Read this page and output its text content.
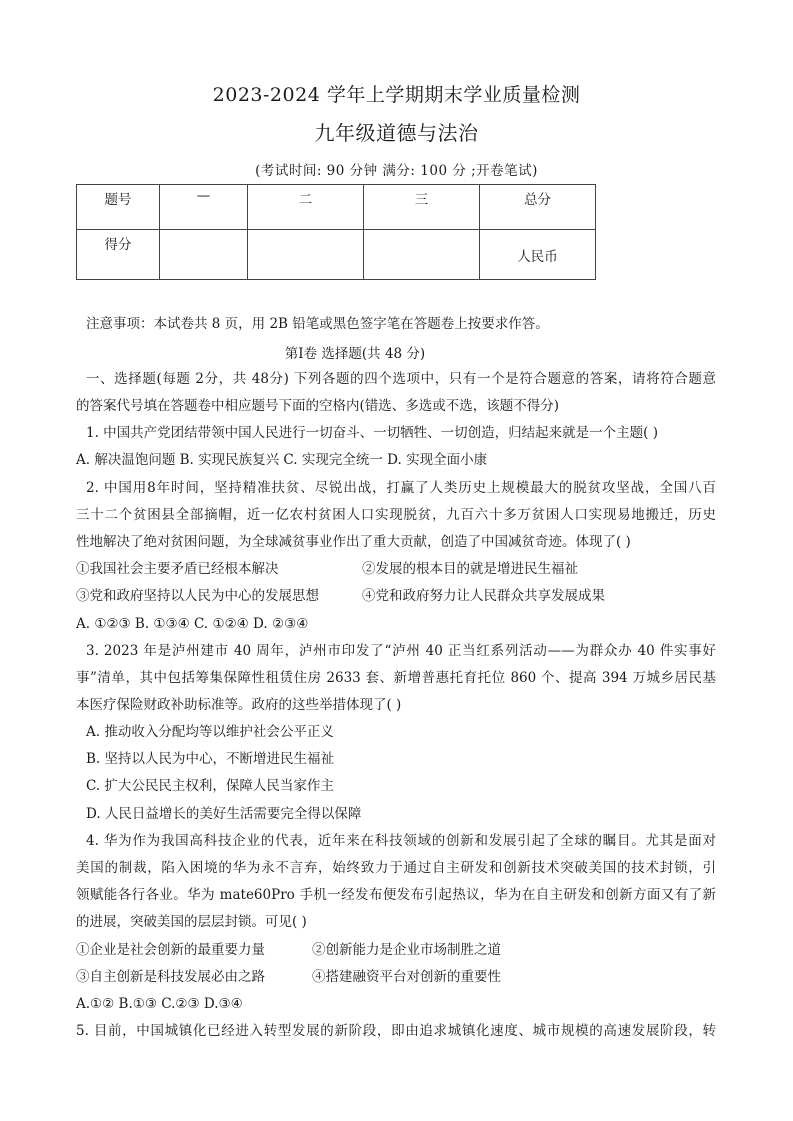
2023-2024 学年上学期期末学业质量检测
九年级道德与法治
(考试时间: 90 分钟 满分: 100 分 ;开卷笔试)
题号	—	二	三	总分
得分				人民币
注意事项：本试卷共 8 页，用 2B 铅笔或黑色签字笔在答题卷上按要求作答。
第Ⅰ卷 选择题(共 48 分)
一、选择题(每题 2分，共 48分) 下列各题的四个选项中，只有一个是符合题意的答案，请将符合题意
的答案代号填在答题卷中相应题号下面的空格内(错选、多选或不选，该题不得分)
1. 中国共产党团结带领中国人民进行一切奋斗、一切牺牲、一切创造，归结起来就是一个主题( )
A. 解决温饱问题 B. 实现民族复兴 C. 实现完全统一 D. 实现全面小康
2. 中国用8年时间，坚持精准扶贫、尽锐出战，打赢了人类历史上规模最大的脱贫攻坚战，全国八百
三十二个贫困县全部摘帽，近一亿农村贫困人口实现脱贫，九百六十多万贫困人口实现易地搬迁，历史
性地解决了绝对贫困问题，为全球减贫事业作出了重大贡献，创造了中国减贫奇迹。体现了( )
①我国社会主要矛盾已经根本解决	②发展的根本目的就是增进民生福祉
③党和政府坚持以人民为中心的发展思想	④党和政府努力让人民群众共享发展成果
A. ①②③ B. ①③④ C. ①②④ D. ②③④
3. 2023 年是泸州建市 40 周年，泸州市印发了“泸州 40 正当红系列活动——为群众办 40 件实事好
事”清单，其中包括筹集保障性租赁住房 2633 套、新增普惠托育托位 860 个、提高 394 万城乡居民基
本医疗保险财政补助标准等。政府的这些举措体现了( )
A. 推动收入分配均等以维护社会公平正义
B. 坚持以人民为中心，不断增进民生福祉
C. 扩大公民民主权利，保障人民当家作主
D. 人民日益增长的美好生活需要完全得以保障
4. 华为作为我国高科技企业的代表，近年来在科技领域的创新和发展引起了全球的瞩目。尤其是面对
美国的制裁，陷入困境的华为永不言弃，始终致力于通过自主研发和创新技术突破美国的技术封锁，引
领赋能各行各业。华为 mate60Pro 手机一经发布便发布引起热议，华为在自主研发和创新方面又有了新
的进展，突破美国的层层封锁。可见( )
①企业是社会创新的最重要力量	②创新能力是企业市场制胜之道
③自主创新是科技发展必由之路	④搭建融资平台对创新的重要性
A.①② B.①③ C.②③ D.③④
5. 目前，中国城镇化已经进入转型发展的新阶段，即由追求城镇化速度、城市规模的高速发展阶段，转
